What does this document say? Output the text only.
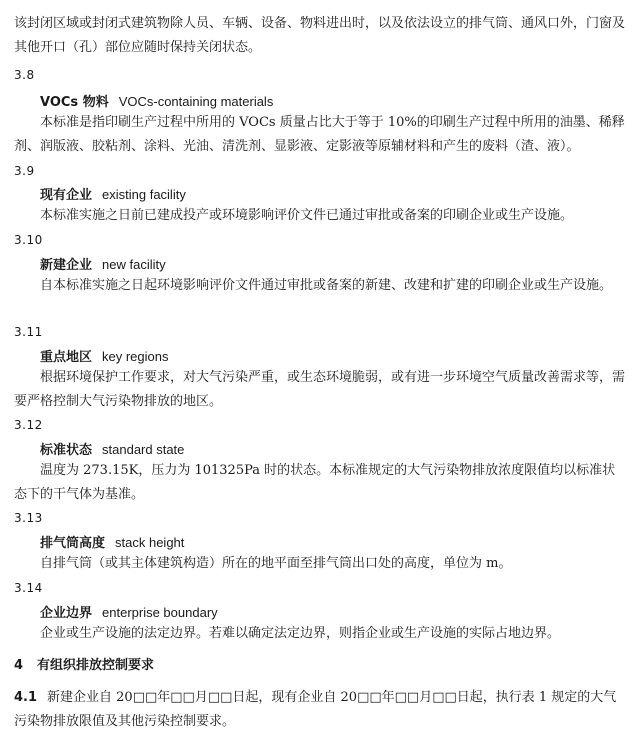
该封闭区域或封闭式建筑物除人员、车辆、设备、物料进出时，以及依法设立的排气筒、通风口外，门窗及其他开口（孔）部位应随时保持关闭状态。
3.8
VOCs 物料 VOCs-containing materials
本标准是指印刷生产过程中所用的 VOCs 质量占比大于等于 10%的印刷生产过程中所用的油墨、稀释剂、润版液、胶粘剂、涂料、光油、清洗剂、显影液、定影液等原辅材料和产生的废料（渣、液）。
3.9
现有企业 existing facility
本标准实施之日前已建成投产或环境影响评价文件已通过审批或备案的印刷企业或生产设施。
3.10
新建企业 new facility
自本标准实施之日起环境影响评价文件通过审批或备案的新建、改建和扩建的印刷企业或生产设施。
3.11
重点地区 key regions
根据环境保护工作要求，对大气污染严重，或生态环境脆弱，或有进一步环境空气质量改善需求等，需要严格控制大气污染物排放的地区。
3.12
标准状态 standard state
温度为 273.15K，压力为 101325Pa 时的状态。本标准规定的大气污染物排放浓度限值均以标准状态下的干气体为基准。
3.13
排气筒高度 stack height
自排气筒（或其主体建筑构造）所在的地平面至排气筒出口处的高度，单位为 m。
3.14
企业边界 enterprise boundary
企业或生产设施的法定边界。若难以确定法定边界，则指企业或生产设施的实际占地边界。
4 有组织排放控制要求
4.1 新建企业自 20□□年□□月□□日起，现有企业自 20□□年□□月□□日起，执行表 1 规定的大气污染物排放限值及其他污染控制要求。
